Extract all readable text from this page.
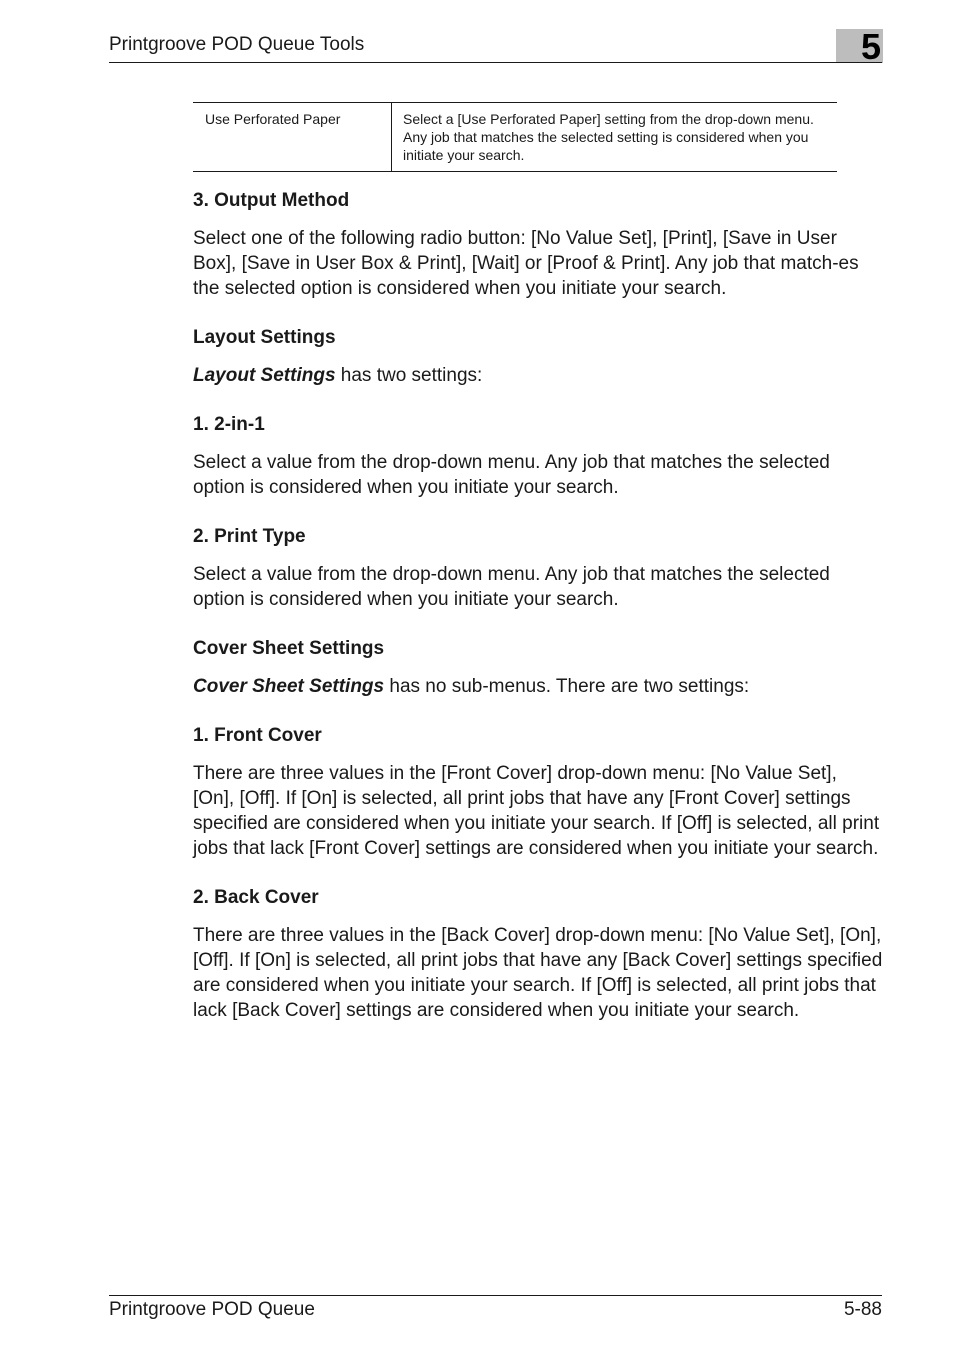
Printgroove POD Queue Tools	5
Use Perforated Paper	Select a [Use Perforated Paper] setting from the drop-down menu. Any job that matches the selected setting is considered when you initiate your search.
3. Output Method
Select one of the following radio button: [No Value Set], [Print], [Save in User Box], [Save in User Box & Print], [Wait] or [Proof & Print]. Any job that match-es the selected option is considered when you initiate your search.
Layout Settings
Layout Settings has two settings:
1. 2-in-1
Select a value from the drop-down menu. Any job that matches the selected option is considered when you initiate your search.
2. Print Type
Select a value from the drop-down menu. Any job that matches the selected option is considered when you initiate your search.
Cover Sheet Settings
Cover Sheet Settings has no sub-menus. There are two settings:
1. Front Cover
There are three values in the [Front Cover] drop-down menu: [No Value Set], [On], [Off]. If [On] is selected, all print jobs that have any [Front Cover] settings specified are considered when you initiate your search. If [Off] is selected, all print jobs that lack [Front Cover] settings are considered when you initiate your search.
2. Back Cover
There are three values in the [Back Cover] drop-down menu: [No Value Set], [On], [Off]. If [On] is selected, all print jobs that have any [Back Cover] settings specified are considered when you initiate your search. If [Off] is selected, all print jobs that lack [Back Cover] settings are considered when you initiate your search.
Printgroove POD Queue	5-88
